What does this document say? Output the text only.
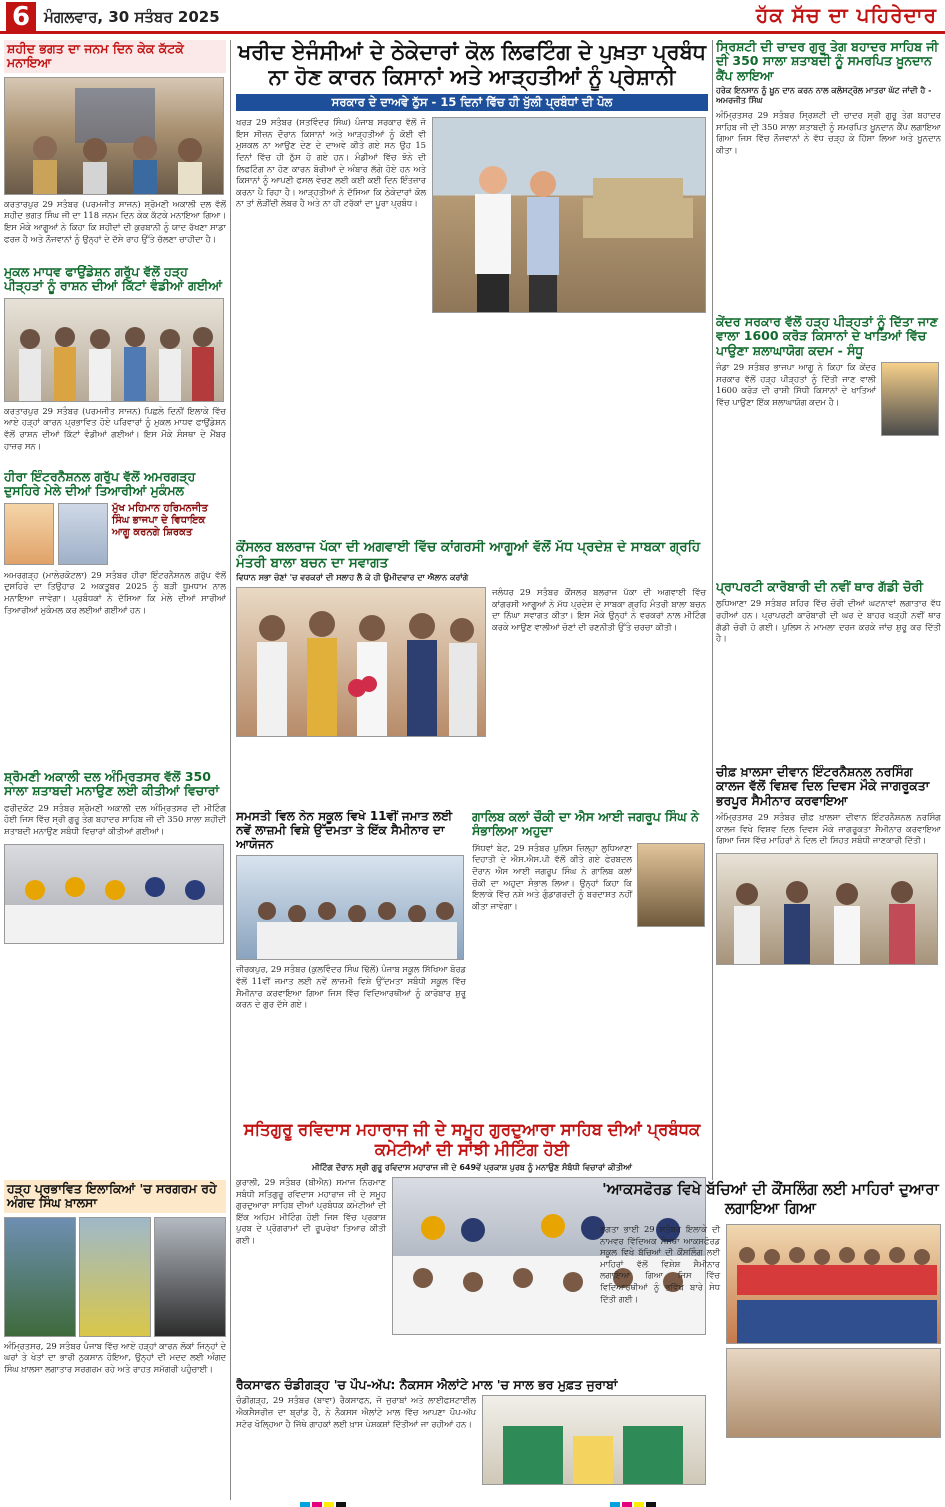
6 ਮੰਗਲਵਾਰ, 30 ਸਤੰਬਰ 2025	ਹੱਕ ਸੱਚ ਦਾ ਪਹਿਰੇਦਾਰ
ਸ਼ਹੀਦ ਭਗਤ ਦਾ ਜਨਮ ਦਿਨ ਕੇਕ ਕੱਟਕੇ ਮਨਾਇਆ
ਕਰਤਾਰਪੁਰ 29 ਸਤੰਬਰ (ਪਰਮਜੀਤ ਸਾਜਨ) ਸ਼੍ਰੋਮਣੀ ਅਕਾਲੀ ਦਲ ਵੱਲੋਂ ਸ਼ਹੀਦ ਭਗਤ ਸਿੰਘ ਜੀ ਦਾ 118 ਜਨਮ ਦਿਨ ਕੇਕ ਕੱਟਕੇ ਮਨਾਇਆ ਗਿਆ। ਇਸ ਮੌਕੇ ਆਗੂਆਂ ਨੇ ਕਿਹਾ ਕਿ ਸ਼ਹੀਦਾਂ ਦੀ ਕੁਰਬਾਨੀ ਨੂੰ ਯਾਦ ਰੱਖਣਾ ਸਾਡਾ ਫਰਜ਼ ਹੈ ਅਤੇ ਨੌਜਵਾਨਾਂ ਨੂੰ ਉਨ੍ਹਾਂ ਦੇ ਦੱਸੇ ਰਾਹ ਉੱਤੇ ਚੱਲਣਾ ਚਾਹੀਦਾ ਹੈ।
ਮੁਕਲ ਮਾਧਵ ਫਾਉਂਡੇਸ਼ਨ ਗਰੁੱਪ ਵੱਲੋਂ ਹੜ੍ਹ ਪੀੜ੍ਹਤਾਂ ਨੂੰ ਰਾਸ਼ਨ ਦੀਆਂ ਕਿੱਟਾਂ ਵੰਡੀਆਂ ਗਈਆਂ
ਕਰਤਾਰਪੁਰ 29 ਸਤੰਬਰ (ਪਰਮਜੀਤ ਸਾਜਨ) ਪਿਛਲੇ ਦਿਨੀਂ ਇਲਾਕੇ ਵਿੱਚ ਆਏ ਹੜ੍ਹਾਂ ਕਾਰਨ ਪ੍ਰਭਾਵਿਤ ਹੋਏ ਪਰਿਵਾਰਾਂ ਨੂੰ ਮੁਕਲ ਮਾਧਵ ਫਾਉਂਡੇਸ਼ਨ ਵੱਲੋਂ ਰਾਸ਼ਨ ਦੀਆਂ ਕਿੱਟਾਂ ਵੰਡੀਆਂ ਗਈਆਂ। ਇਸ ਮੌਕੇ ਸੰਸਥਾ ਦੇ ਮੈਂਬਰ ਹਾਜ਼ਰ ਸਨ।
ਹੀਰਾ ਇੰਟਰਨੈਸ਼ਨਲ ਗਰੁੱਪ ਵੱਲੋਂ ਅਮਰਗੜ੍ਹ ਦੁਸਹਿਰੇ ਮੇਲੇ ਦੀਆਂ ਤਿਆਰੀਆਂ ਮੁਕੰਮਲ
ਮੁੱਖ ਮਹਿਮਾਨ ਹਰਿਮਨਜੀਤ ਸਿੰਘ ਭਾਜਪਾ ਦੇ ਵਿਧਾਇਕ ਆਗੂ ਕਰਨਗੇ ਸ਼ਿਰਕਤ
ਅਮਰਗੜ੍ਹ (ਮਾਲੇਰਕੋਟਲਾ) 29 ਸਤੰਬਰ ਹੀਰਾ ਇੰਟਰਨੈਸ਼ਨਲ ਗਰੁੱਪ ਵੱਲੋਂ ਦੁਸਹਿਰੇ ਦਾ ਤਿਉਹਾਰ 2 ਅਕਤੂਬਰ 2025 ਨੂੰ ਬੜੀ ਧੂਮਧਾਮ ਨਾਲ ਮਨਾਇਆ ਜਾਵੇਗਾ। ਪ੍ਰਬੰਧਕਾਂ ਨੇ ਦੱਸਿਆ ਕਿ ਮੇਲੇ ਦੀਆਂ ਸਾਰੀਆਂ ਤਿਆਰੀਆਂ ਮੁਕੰਮਲ ਕਰ ਲਈਆਂ ਗਈਆਂ ਹਨ।
ਸ਼੍ਰੋਮਣੀ ਅਕਾਲੀ ਦਲ ਅੰਮ੍ਰਿਤਸਰ ਵੱਲੋਂ 350 ਸਾਲਾ ਸ਼ਤਾਬਦੀ ਮਨਾਉਣ ਲਈ ਕੀਤੀਆਂ ਵਿਚਾਰਾਂ
ਫਰੀਦਕੋਟ 29 ਸਤੰਬਰ ਸ਼੍ਰੋਮਣੀ ਅਕਾਲੀ ਦਲ ਅੰਮ੍ਰਿਤਸਰ ਦੀ ਮੀਟਿੰਗ ਹੋਈ ਜਿਸ ਵਿੱਚ ਸ੍ਰੀ ਗੁਰੂ ਤੇਗ ਬਹਾਦਰ ਸਾਹਿਬ ਜੀ ਦੀ 350 ਸਾਲਾ ਸ਼ਹੀਦੀ ਸ਼ਤਾਬਦੀ ਮਨਾਉਣ ਸਬੰਧੀ ਵਿਚਾਰਾਂ ਕੀਤੀਆਂ ਗਈਆਂ।
ਹੜ੍ਹ ਪ੍ਰਭਾਵਿਤ ਇਲਾਕਿਆਂ 'ਚ ਸਰਗਰਮ ਰਹੇ ਅੰਗਦ ਸਿੰਘ ਖ਼ਾਲਸਾ
ਅੰਮ੍ਰਿਤਸਰ, 29 ਸਤੰਬਰ ਪੰਜਾਬ ਵਿੱਚ ਆਏ ਹੜ੍ਹਾਂ ਕਾਰਨ ਲੋਕਾਂ ਜਿਨ੍ਹਾਂ ਦੇ ਘਰਾਂ ਤੇ ਖੇਤਾਂ ਦਾ ਭਾਰੀ ਨੁਕਸਾਨ ਹੋਇਆ, ਉਨ੍ਹਾਂ ਦੀ ਮਦਦ ਲਈ ਅੰਗਦ ਸਿੰਘ ਖ਼ਾਲਸਾ ਲਗਾਤਾਰ ਸਰਗਰਮ ਰਹੇ ਅਤੇ ਰਾਹਤ ਸਮੱਗਰੀ ਪਹੁੰਚਾਈ।
ਖਰੀਦ ਏਜੰਸੀਆਂ ਦੇ ਠੇਕੇਦਾਰਾਂ ਕੋਲ ਲਿਫਟਿੰਗ ਦੇ ਪੁਖ਼ਤਾ ਪ੍ਰਬੰਧ ਨਾ ਹੋਣ ਕਾਰਨ ਕਿਸਾਨਾਂ ਅਤੇ ਆੜ੍ਹਤੀਆਂ ਨੂੰ ਪ੍ਰੇਸ਼ਾਨੀ
ਸਰਕਾਰ ਦੇ ਦਾਅਵੇ ਠੁੱਸ - 15 ਦਿਨਾਂ ਵਿੱਚ ਹੀ ਖੁੱਲੀ ਪ੍ਰਬੰਧਾਂ ਦੀ ਪੋਲ
ਖਰੜ 29 ਸਤੰਬਰ (ਸਤਵਿੰਦਰ ਸਿੰਘ) ਪੰਜਾਬ ਸਰਕਾਰ ਵੱਲੋਂ ਜੋ ਇਸ ਸੀਜ਼ਨ ਦੌਰਾਨ ਕਿਸਾਨਾਂ ਅਤੇ ਆੜ੍ਹਤੀਆਂ ਨੂੰ ਕੋਈ ਵੀ ਮੁਸ਼ਕਲ ਨਾ ਆਉਣ ਦੇਣ ਦੇ ਦਾਅਵੇ ਕੀਤੇ ਗਏ ਸਨ ਉਹ 15 ਦਿਨਾਂ ਵਿੱਚ ਹੀ ਠੁੱਸ ਹੋ ਗਏ ਹਨ। ਮੰਡੀਆਂ ਵਿੱਚ ਝੋਨੇ ਦੀ ਲਿਫਟਿੰਗ ਨਾ ਹੋਣ ਕਾਰਨ ਬੋਰੀਆਂ ਦੇ ਅੰਬਾਰ ਲੱਗੇ ਹੋਏ ਹਨ ਅਤੇ ਕਿਸਾਨਾਂ ਨੂੰ ਆਪਣੀ ਫਸਲ ਵੇਚਣ ਲਈ ਕਈ ਕਈ ਦਿਨ ਇੰਤਜ਼ਾਰ ਕਰਨਾ ਪੈ ਰਿਹਾ ਹੈ। ਆੜ੍ਹਤੀਆਂ ਨੇ ਦੱਸਿਆ ਕਿ ਠੇਕੇਦਾਰਾਂ ਕੋਲ ਨਾ ਤਾਂ ਲੋੜੀਂਦੀ ਲੇਬਰ ਹੈ ਅਤੇ ਨਾ ਹੀ ਟਰੱਕਾਂ ਦਾ ਪੂਰਾ ਪ੍ਰਬੰਧ।
ਕੌਂਸਲਰ ਬਲਰਾਜ ਪੱਕਾ ਦੀ ਅਗਵਾਈ ਵਿੱਚ ਕਾਂਗਰਸੀ ਆਗੂਆਂ ਵੱਲੋਂ ਮੱਧ ਪ੍ਰਦੇਸ਼ ਦੇ ਸਾਬਕਾ ਗ੍ਰਹਿ ਮੰਤਰੀ ਬਾਲਾ ਬਚਨ ਦਾ ਸਵਾਗਤ
ਵਿਧਾਨ ਸਭਾ ਚੋਣਾਂ 'ਚ ਵਰਕਰਾਂ ਦੀ ਸਲਾਹ ਲੈ ਕੇ ਹੀ ਉਮੀਦਵਾਰ ਦਾ ਐਲਾਨ ਕਰਾਂਗੇ
ਜਲੰਧਰ 29 ਸਤੰਬਰ ਕੌਂਸਲਰ ਬਲਰਾਜ ਪੱਕਾ ਦੀ ਅਗਵਾਈ ਵਿੱਚ ਕਾਂਗਰਸੀ ਆਗੂਆਂ ਨੇ ਮੱਧ ਪ੍ਰਦੇਸ਼ ਦੇ ਸਾਬਕਾ ਗ੍ਰਹਿ ਮੰਤਰੀ ਬਾਲਾ ਬਚਨ ਦਾ ਨਿੱਘਾ ਸਵਾਗਤ ਕੀਤਾ। ਇਸ ਮੌਕੇ ਉਨ੍ਹਾਂ ਨੇ ਵਰਕਰਾਂ ਨਾਲ ਮੀਟਿੰਗ ਕਰਕੇ ਆਉਣ ਵਾਲੀਆਂ ਚੋਣਾਂ ਦੀ ਰਣਨੀਤੀ ਉੱਤੇ ਚਰਚਾ ਕੀਤੀ।
ਸਮਸਤੀ ਵਿਲ ਨੇਨ ਸਕੂਲ ਵਿਖੇ 11ਵੀਂ ਜਮਾਤ ਲਈ ਨਵੇਂ ਲਾਜ਼ਮੀ ਵਿਸ਼ੇ ਉੱਦਮਤਾ ਤੇ ਇੱਕ ਸੈਮੀਨਾਰ ਦਾ ਆਯੋਜਨ
ਜ਼ੀਰਕਪੁਰ, 29 ਸਤੰਬਰ (ਕੁਲਵਿੰਦਰ ਸਿੰਘ ਢਿੱਲੋਂ) ਪੰਜਾਬ ਸਕੂਲ ਸਿੱਖਿਆ ਬੋਰਡ ਵੱਲੋਂ 11ਵੀਂ ਜਮਾਤ ਲਈ ਨਵੇਂ ਲਾਜ਼ਮੀ ਵਿਸ਼ੇ ਉੱਦਮਤਾ ਸਬੰਧੀ ਸਕੂਲ ਵਿੱਚ ਸੈਮੀਨਾਰ ਕਰਵਾਇਆ ਗਿਆ ਜਿਸ ਵਿੱਚ ਵਿਦਿਆਰਥੀਆਂ ਨੂੰ ਕਾਰੋਬਾਰ ਸ਼ੁਰੂ ਕਰਨ ਦੇ ਗੁਰ ਦੱਸੇ ਗਏ।
ਗਾਲਿਬ ਕਲਾਂ ਚੌਕੀ ਦਾ ਐਸ ਆਈ ਜਗਰੂਪ ਸਿੰਘ ਨੇ ਸੰਭਾਲਿਆ ਅਹੁਦਾ
ਸਿੱਧਵਾਂ ਬੇਟ, 29 ਸਤੰਬਰ ਪੁਲਿਸ ਜ਼ਿਲ੍ਹਾ ਲੁਧਿਆਣਾ ਦਿਹਾਤੀ ਦੇ ਐਸ.ਐਸ.ਪੀ ਵੱਲੋਂ ਕੀਤੇ ਗਏ ਫੇਰਬਦਲ ਦੌਰਾਨ ਐਸ ਆਈ ਜਗਰੂਪ ਸਿੰਘ ਨੇ ਗਾਲਿਬ ਕਲਾਂ ਚੌਕੀ ਦਾ ਅਹੁਦਾ ਸੰਭਾਲ ਲਿਆ। ਉਨ੍ਹਾਂ ਕਿਹਾ ਕਿ ਇਲਾਕੇ ਵਿੱਚ ਨਸ਼ੇ ਅਤੇ ਗੁੰਡਾਗਰਦੀ ਨੂੰ ਬਰਦਾਸ਼ਤ ਨਹੀਂ ਕੀਤਾ ਜਾਵੇਗਾ।
ਸਤਿਗੁਰੂ ਰਵਿਦਾਸ ਮਹਾਰਾਜ ਜੀ ਦੇ ਸਮੂਹ ਗੁਰਦੁਆਰਾ ਸਾਹਿਬ ਦੀਆਂ ਪ੍ਰਬੰਧਕ ਕਮੇਟੀਆਂ ਦੀ ਸਾਂਝੀ ਮੀਟਿੰਗ ਹੋਈ
ਮੀਟਿੰਗ ਦੌਰਾਨ ਸ੍ਰੀ ਗੁਰੂ ਰਵਿਦਾਸ ਮਹਾਰਾਜ ਜੀ ਦੇ 649ਵੇਂ ਪ੍ਰਕਾਸ਼ ਪੁਰਬ ਨੂੰ ਮਨਾਉਣ ਸੰਬੰਧੀ ਵਿਚਾਰਾਂ ਕੀਤੀਆਂ
ਕੁਰਾਲੀ, 29 ਸਤੰਬਰ (ਬੀਐਨ) ਸਮਾਜ ਨਿਰਮਾਣ ਸਬੰਧੀ ਸਤਿਗੁਰੂ ਰਵਿਦਾਸ ਮਹਾਰਾਜ ਜੀ ਦੇ ਸਮੂਹ ਗੁਰਦੁਆਰਾ ਸਾਹਿਬ ਦੀਆਂ ਪ੍ਰਬੰਧਕ ਕਮੇਟੀਆਂ ਦੀ ਇੱਕ ਅਹਿਮ ਮੀਟਿੰਗ ਹੋਈ ਜਿਸ ਵਿੱਚ ਪ੍ਰਕਾਸ਼ ਪੁਰਬ ਦੇ ਪ੍ਰੋਗਰਾਮਾਂ ਦੀ ਰੂਪਰੇਖਾ ਤਿਆਰ ਕੀਤੀ ਗਈ।
ਰੈਕਸਾਫਨ ਚੰਡੀਗੜ੍ਹ 'ਚ ਪੌਪ-ਅੱਪ: ਨੈਕਸਸ ਐਲਾਂਟੇ ਮਾਲ 'ਚ ਸਾਲ ਭਰ ਮੁਫ਼ਤ ਜੁਰਾਬਾਂ
ਚੰਡੀਗੜ੍ਹ, 29 ਸਤੰਬਰ (ਬਾਵਾ) ਰੈਕਸਾਫਨ, ਜੋ ਜੁਰਾਬਾਂ ਅਤੇ ਲਾਈਫਸਟਾਈਲ ਐਕਸੈਸਰੀਜ਼ ਦਾ ਬ੍ਰਾਂਡ ਹੈ, ਨੇ ਨੈਕਸਸ ਐਲਾਂਟੇ ਮਾਲ ਵਿੱਚ ਆਪਣਾ ਪੌਪ-ਅੱਪ ਸਟੋਰ ਖੋਲ੍ਹਿਆ ਹੈ ਜਿੱਥੇ ਗਾਹਕਾਂ ਲਈ ਖ਼ਾਸ ਪੇਸ਼ਕਸ਼ਾਂ ਦਿੱਤੀਆਂ ਜਾ ਰਹੀਆਂ ਹਨ।
ਸ੍ਰਿਸ਼ਟੀ ਦੀ ਚਾਦਰ ਗੁਰੂ ਤੇਗ ਬਹਾਦਰ ਸਾਹਿਬ ਜੀ ਦੀ 350 ਸਾਲਾ ਸ਼ਤਾਬਦੀ ਨੂੰ ਸਮਰਪਿਤ ਖ਼ੂਨਦਾਨ ਕੈਂਪ ਲਾਇਆ
ਹਰੇਕ ਇਨਸਾਨ ਨੂੰ ਖ਼ੂਨ ਦਾਨ ਕਰਨ ਨਾਲ ਕਲੋਸਟ੍ਰੋਲ ਮਾਤਰਾ ਘੱਟ ਜਾਂਦੀ ਹੈ - ਅਮਰਜੀਤ ਸਿੰਘ
ਅੰਮ੍ਰਿਤਸਰ 29 ਸਤੰਬਰ ਸ੍ਰਿਸ਼ਟੀ ਦੀ ਚਾਦਰ ਸ੍ਰੀ ਗੁਰੂ ਤੇਗ ਬਹਾਦਰ ਸਾਹਿਬ ਜੀ ਦੀ 350 ਸਾਲਾ ਸ਼ਤਾਬਦੀ ਨੂੰ ਸਮਰਪਿਤ ਖ਼ੂਨਦਾਨ ਕੈਂਪ ਲਗਾਇਆ ਗਿਆ ਜਿਸ ਵਿੱਚ ਨੌਜਵਾਨਾਂ ਨੇ ਵੱਧ ਚੜ੍ਹ ਕੇ ਹਿੱਸਾ ਲਿਆ ਅਤੇ ਖ਼ੂਨਦਾਨ ਕੀਤਾ।
ਕੇਂਦਰ ਸਰਕਾਰ ਵੱਲੋਂ ਹੜ੍ਹ ਪੀੜ੍ਹਤਾਂ ਨੂੰ ਦਿੱਤਾ ਜਾਣ ਵਾਲਾ 1600 ਕਰੋੜ ਕਿਸਾਨਾਂ ਦੇ ਖਾਤਿਆਂ ਵਿੱਚ ਪਾਉਣਾ ਸ਼ਲਾਘਾਯੋਗ ਕਦਮ - ਸੰਧੂ
ਜੰਡਾ 29 ਸਤੰਬਰ ਭਾਜਪਾ ਆਗੂ ਨੇ ਕਿਹਾ ਕਿ ਕੇਂਦਰ ਸਰਕਾਰ ਵੱਲੋਂ ਹੜ੍ਹ ਪੀੜ੍ਹਤਾਂ ਨੂੰ ਦਿੱਤੀ ਜਾਣ ਵਾਲੀ 1600 ਕਰੋੜ ਦੀ ਰਾਸ਼ੀ ਸਿੱਧੀ ਕਿਸਾਨਾਂ ਦੇ ਖਾਤਿਆਂ ਵਿੱਚ ਪਾਉਣਾ ਇੱਕ ਸ਼ਲਾਘਾਯੋਗ ਕਦਮ ਹੈ।
ਪ੍ਰਾਪਰਟੀ ਕਾਰੋਬਾਰੀ ਦੀ ਨਵੀਂ ਥਾਰ ਗੱਡੀ ਚੋਰੀ
ਲੁਧਿਆਣਾ 29 ਸਤੰਬਰ ਸ਼ਹਿਰ ਵਿੱਚ ਚੋਰੀ ਦੀਆਂ ਘਟਨਾਵਾਂ ਲਗਾਤਾਰ ਵੱਧ ਰਹੀਆਂ ਹਨ। ਪ੍ਰਾਪਰਟੀ ਕਾਰੋਬਾਰੀ ਦੀ ਘਰ ਦੇ ਬਾਹਰ ਖੜ੍ਹੀ ਨਵੀਂ ਥਾਰ ਗੱਡੀ ਚੋਰੀ ਹੋ ਗਈ। ਪੁਲਿਸ ਨੇ ਮਾਮਲਾ ਦਰਜ ਕਰਕੇ ਜਾਂਚ ਸ਼ੁਰੂ ਕਰ ਦਿੱਤੀ ਹੈ।
ਚੀਫ਼ ਖ਼ਾਲਸਾ ਦੀਵਾਨ ਇੰਟਰਨੈਸ਼ਨਲ ਨਰਸਿੰਗ ਕਾਲਜ ਵੱਲੋਂ ਵਿਸ਼ਵ ਦਿਲ ਦਿਵਸ ਮੌਕੇ ਜਾਗਰੂਕਤਾ ਭਰਪੂਰ ਸੈਮੀਨਾਰ ਕਰਵਾਇਆ
ਅੰਮ੍ਰਿਤਸਰ 29 ਸਤੰਬਰ ਚੀਫ਼ ਖ਼ਾਲਸਾ ਦੀਵਾਨ ਇੰਟਰਨੈਸ਼ਨਲ ਨਰਸਿੰਗ ਕਾਲਜ ਵਿਖੇ ਵਿਸ਼ਵ ਦਿਲ ਦਿਵਸ ਮੌਕੇ ਜਾਗਰੂਕਤਾ ਸੈਮੀਨਾਰ ਕਰਵਾਇਆ ਗਿਆ ਜਿਸ ਵਿੱਚ ਮਾਹਿਰਾਂ ਨੇ ਦਿਲ ਦੀ ਸਿਹਤ ਸਬੰਧੀ ਜਾਣਕਾਰੀ ਦਿੱਤੀ।
'ਆਕਸਫੋਰਡ ਵਿਖੇ ਬੱਚਿਆਂ ਦੀ ਕੌਂਸਲਿੰਗ ਲਈ ਮਾਹਿਰਾਂ ਦੁਆਰਾ ਲਗਾਇਆ ਗਿਆ
ਭਗਤਾ ਭਾਈ 29 ਸਤੰਬਰ ਇਲਾਕੇ ਦੀ ਨਾਮਵਰ ਵਿੱਦਿਅਕ ਸੰਸਥਾ ਆਕਸਫੋਰਡ ਸਕੂਲ ਵਿਖੇ ਬੱਚਿਆਂ ਦੀ ਕੌਂਸਲਿੰਗ ਲਈ ਮਾਹਿਰਾਂ ਵੱਲੋਂ ਵਿਸ਼ੇਸ਼ ਸੈਮੀਨਾਰ ਲਗਾਇਆ ਗਿਆ ਜਿਸ ਵਿੱਚ ਵਿਦਿਆਰਥੀਆਂ ਨੂੰ ਭਵਿੱਖ ਬਾਰੇ ਸੇਧ ਦਿੱਤੀ ਗਈ।
